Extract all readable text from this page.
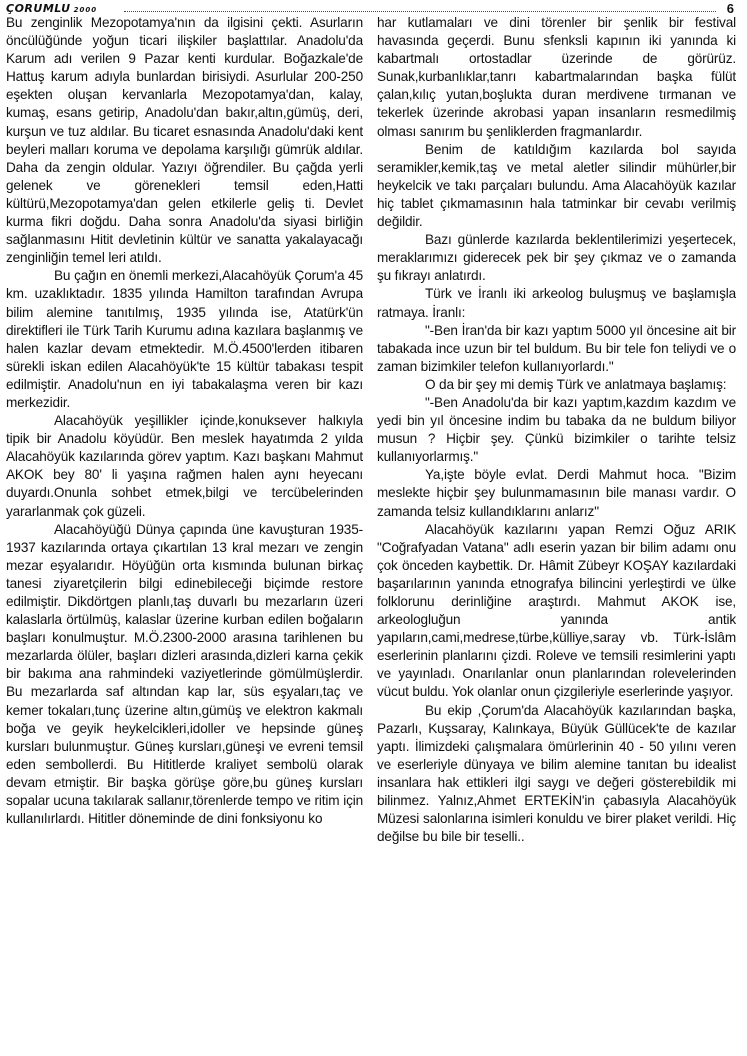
ÇORUMLU 2000	6

Bu zenginlik Mezopotamya'nın da ilgisini çekti. Asurların öncülüğünde yoğun ticari ilişkiler başlattılar. Anadolu'da Karum adı verilen 9 Pazar kenti kurdular. Boğazkale'de Hattuş karum adıyla bunlardan birisiydi. Asurlular 200-250 eşekten oluşan kervanlarla Mezopotamya'dan, kalay, kumaş, esans getirip, Anadolu'dan bakır,altın,gümüş, deri, kurşun ve tuz aldılar. Bu ticaret esnasında Anadolu'daki kent beyleri malları koruma ve depolama karşılığı gümrük aldılar. Daha da zengin oldular. Yazıyı öğrendiler. Bu çağda yerli gelenek ve görenekleri temsil eden,Hatti kültürü,Mezopotamya'dan gelen etkilerle geliş ti. Devlet kurma fikri doğdu. Daha sonra Anadolu'da siyasi birliğin sağlanmasını Hitit devletinin kültür ve sanatta yakalayacağı zenginliğin temel leri atıldı.

Bu çağın en önemli merkezi,Alacahöyük Çorum'a 45 km. uzaklıktadır. 1835 yılında Hamilton tarafından Avrupa bilim alemine tanıtılmış, 1935 yılında ise, Atatürk'ün direktifleri ile Türk Tarih Kurumu adına kazılara başlanmış ve halen kazlar devam etmektedir. M.Ö.4500'lerden itibaren sürekli iskan edilen Alacahöyük'te 15 kültür tabakası tespit edilmiştir. Anadolu'nun en iyi tabakalaşma veren bir kazı merkezidir.

Alacahöyük yeşillikler içinde,konuksever halkıyla tipik bir Anadolu köyüdür. Ben meslek hayatımda 2 yılda Alacahöyük kazılarında görev yaptım. Kazı başkanı Mahmut AKOK bey 80' li yaşına rağmen halen aynı heyecanı duyardı.Onunla sohbet etmek,bilgi ve tercübelerinden yararlanmak çok güzeli.

Alacahöyüğü Dünya çapında üne kavuşturan 1935-1937 kazılarında ortaya çıkartılan 13 kral mezarı ve zengin mezar eşyalarıdır. Höyüğün orta kısmında bulunan birkaç tanesi ziyaretçilerin bilgi edinebileceği biçimde restore edilmiştir. Dikdörtgen planlı,taş duvarlı bu mezarların üzeri kalaslarla örtülmüş, kalaslar üzerine kurban edilen boğaların başları konulmuştur. M.Ö.2300-2000 arasına tarihlenen bu mezarlarda ölüler, başları dizleri arasında,dizleri karna çekik bir bakıma ana rahmindeki vaziyetlerinde gömülmüşlerdir. Bu mezarlarda saf altından kap lar, süs eşyaları,taç ve kemer tokaları,tunç üzerine altın,gümüş ve elektron kakmalı boğa ve geyik heykelcikleri,idoller ve hepsinde güneş kursları bulunmuştur. Güneş kursları,güneşi ve evreni temsil eden sembollerdi. Bu Hititlerde kraliyet sembolü olarak devam etmiştir. Bir başka görüşe göre,bu güneş kursları sopalar ucuna takılarak sallanır,törenlerde tempo ve ritim için kullanılırlardı. Hititler döneminde de dini fonksiyonu ko

har kutlamaları ve dini törenler bir şenlik bir festival havasında geçerdi. Bunu sfenksli kapının iki yanında ki kabartmalı ortostadlar üzerinde de görürüz. Sunak,kurbanlıklar,tanrı kabartmalarından başka fülüt çalan,kılıç yutan,boşlukta duran merdivene tırmanan ve tekerlek üzerinde akrobasi yapan insanların resmedilmiş olması sanırım bu şenliklerden fragmanlardır.

Benim de katıldığım kazılarda bol sayıda seramikler,kemik,taş ve metal aletler silindir mühürler,bir heykelcik ve takı parçaları bulundu. Ama Alacahöyük kazılar hiç tablet çıkmamasının hala tatminkar bir cevabı verilmiş değildir.

Bazı günlerde kazılarda beklentilerimizi yeşertecek, meraklarımızı giderecek pek bir şey çıkmaz ve o zamanda şu fıkrayı anlatırdı.

Türk ve İranlı iki arkeolog buluşmuş ve başlamışla ratmaya. İranlı:

"-Ben İran'da bir kazı yaptım 5000 yıl öncesine ait bir tabakada ince uzun bir tel buldum. Bu bir tele fon teliydi ve o zaman bizimkiler telefon kullanıyorlardı."

O da bir şey mi demiş Türk ve anlatmaya başlamış:

"-Ben Anadolu'da bir kazı yaptım,kazdım kazdım ve yedi bin yıl öncesine indim bu tabaka da ne buldum biliyor musun ? Hiçbir şey. Çünkü bizimkiler o tarihte telsiz kullanıyorlarmış."

Ya,işte böyle evlat. Derdi Mahmut hoca. "Bizim meslekte hiçbir şey bulunmamasının bile manası vardır. O zamanda telsiz kullandıklarını anlarız"

Alacahöyük kazılarını yapan Remzi Oğuz ARIK "Coğrafyadan Vatana" adlı eserin yazan bir bilim adamı onu çok önceden kaybettik. Dr. Hâmit Zübeyr KOŞAY kazılardaki başarılarının yanında etnografya bilincini yerleştirdi ve ülke folklorunu derinliğine araştırdı. Mahmut AKOK ise, arkeologluğun yanında antik yapıların,cami,medrese,türbe,külliye,saray vb. Türk-İslâm eserlerinin planlarını çizdi. Roleve ve temsili resimlerini yaptı ve yayınladı. Onarılanlar onun planlarından rolevelerinden vücut buldu. Yok olanlar onun çizgileriyle eserlerinde yaşıyor.

Bu ekip ,Çorum'da Alacahöyük kazılarından başka, Pazarlı, Kuşsaray, Kalınkaya, Büyük Güllücek'te de kazılar yaptı. İlimizdeki çalışmalara ömürlerinin 40 - 50 yılını veren ve eserleriyle dünyaya ve bilim alemine tanıtan bu idealist insanlara hak ettikleri ilgi saygı ve değeri gösterebildik mi bilinmez. Yalnız,Ahmet ERTEKİN'in çabasıyla Alacahöyük Müzesi salonlarına isimleri konuldu ve birer plaket verildi. Hiç değilse bu bile bir teselli..
